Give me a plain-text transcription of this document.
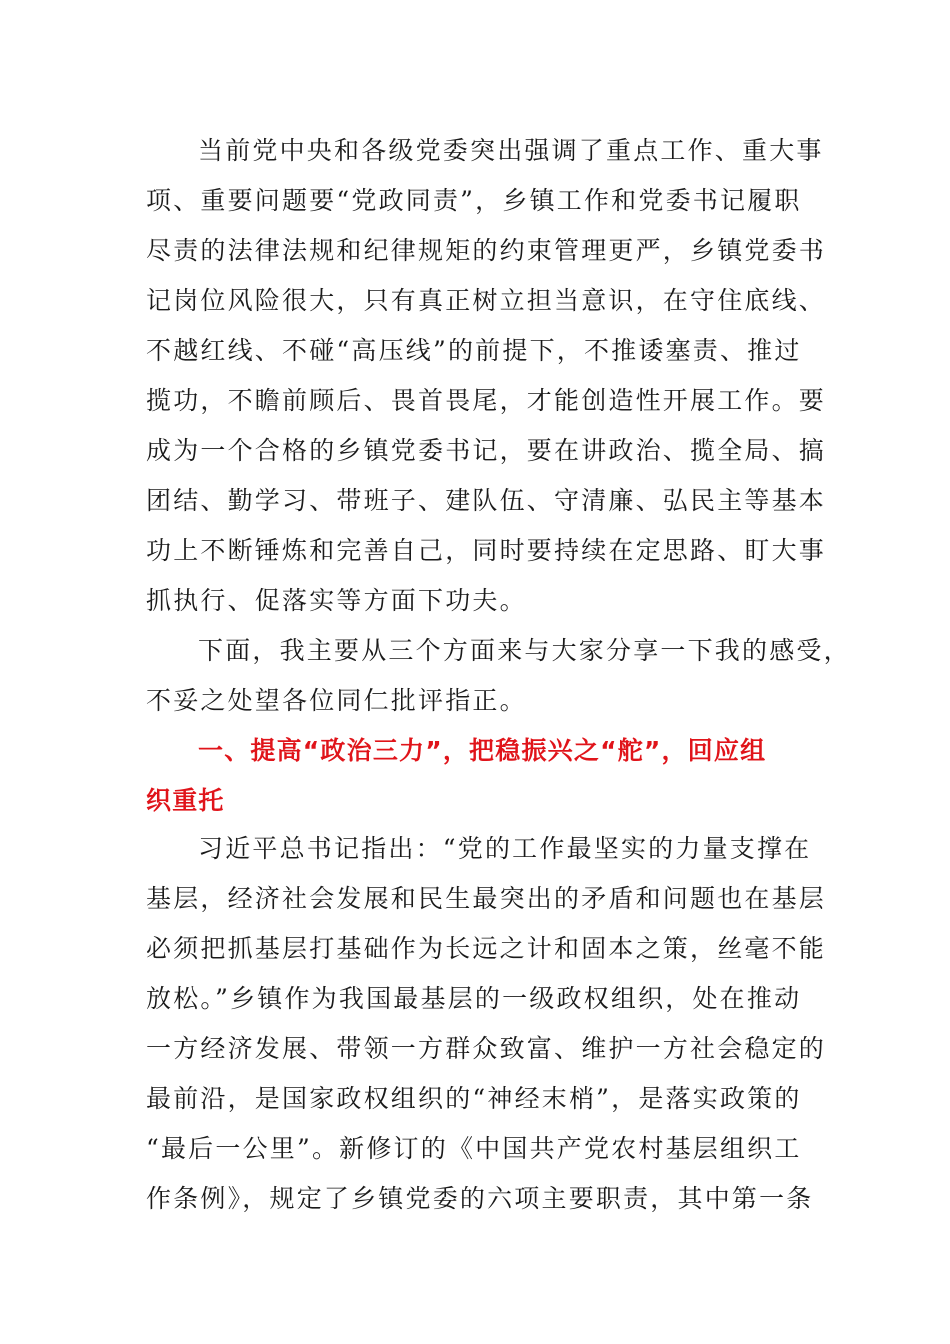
当前党中央和各级党委突出强调了重点工作、重大事
项、重要问题要“党政同责”，乡镇工作和党委书记履职
尽责的法律法规和纪律规矩的约束管理更严，乡镇党委书
记岗位风险很大，只有真正树立担当意识，在守住底线、
不越红线、不碰“高压线”的前提下，不推诿塞责、推过
揽功，不瞻前顾后、畏首畏尾，才能创造性开展工作。要
成为一个合格的乡镇党委书记，要在讲政治、揽全局、搞
团结、勤学习、带班子、建队伍、守清廉、弘民主等基本
功上不断锤炼和完善自己，同时要持续在定思路、盯大事
抓执行、促落实等方面下功夫。
下面，我主要从三个方面来与大家分享一下我的感受，
不妥之处望各位同仁批评指正。
一、提高“政治三力”，把稳振兴之“舵”，回应组
织重托
习近平总书记指出：“党的工作最坚实的力量支撑在
基层，经济社会发展和民生最突出的矛盾和问题也在基层
必须把抓基层打基础作为长远之计和固本之策，丝毫不能
放松。”乡镇作为我国最基层的一级政权组织，处在推动
一方经济发展、带领一方群众致富、维护一方社会稳定的
最前沿，是国家政权组织的“神经末梢”，是落实政策的
“最后一公里”。新修订的《中国共产党农村基层组织工
作条例》，规定了乡镇党委的六项主要职责，其中第一条
